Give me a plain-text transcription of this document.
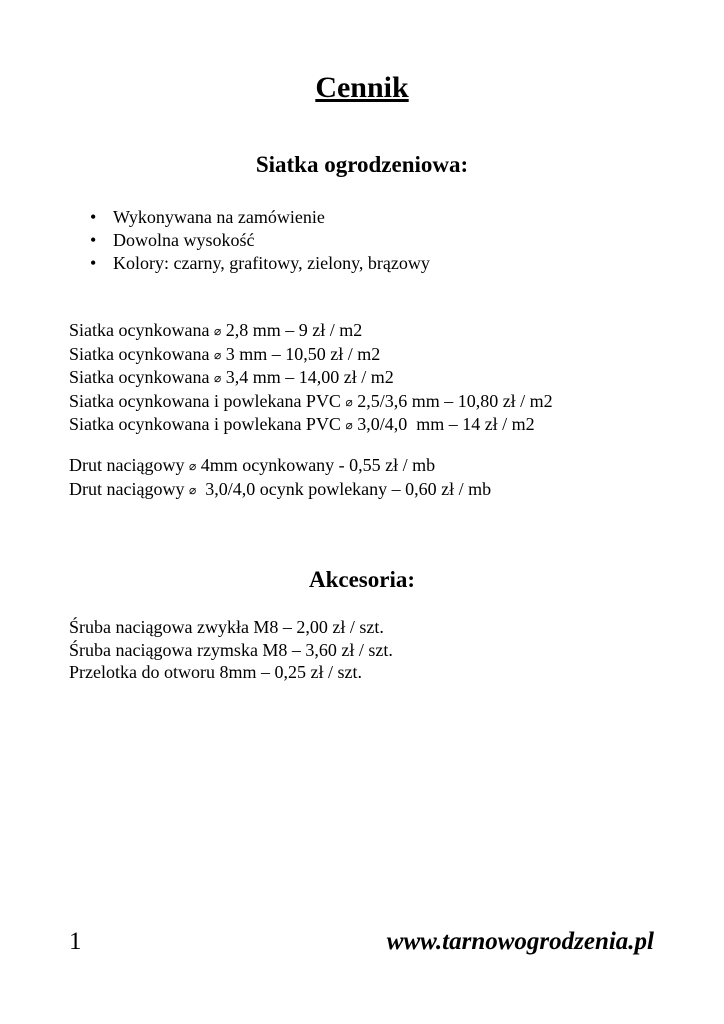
Cennik
Siatka ogrodzeniowa:
• Wykonywana na zamówienie
• Dowolna wysokość
• Kolory: czarny, grafitowy, zielony, brązowy
Siatka ocynkowana ⌀ 2,8 mm – 9 zł / m2
Siatka ocynkowana ⌀ 3 mm – 10,50 zł / m2
Siatka ocynkowana ⌀ 3,4 mm – 14,00 zł / m2
Siatka ocynkowana i powlekana PVC ⌀ 2,5/3,6 mm – 10,80 zł / m2
Siatka ocynkowana i powlekana PVC ⌀ 3,0/4,0  mm – 14 zł / m2
Drut naciągowy ⌀ 4mm ocynkowany - 0,55 zł / mb
Drut naciągowy ⌀  3,0/4,0 ocynk powlekany – 0,60 zł / mb
Akcesoria:
Śruba naciągowa zwykła M8 – 2,00 zł / szt.
Śruba naciągowa rzymska M8 – 3,60 zł / szt.
Przelotka do otworu 8mm – 0,25 zł / szt.
1	www.tarnowogrodzenia.pl
